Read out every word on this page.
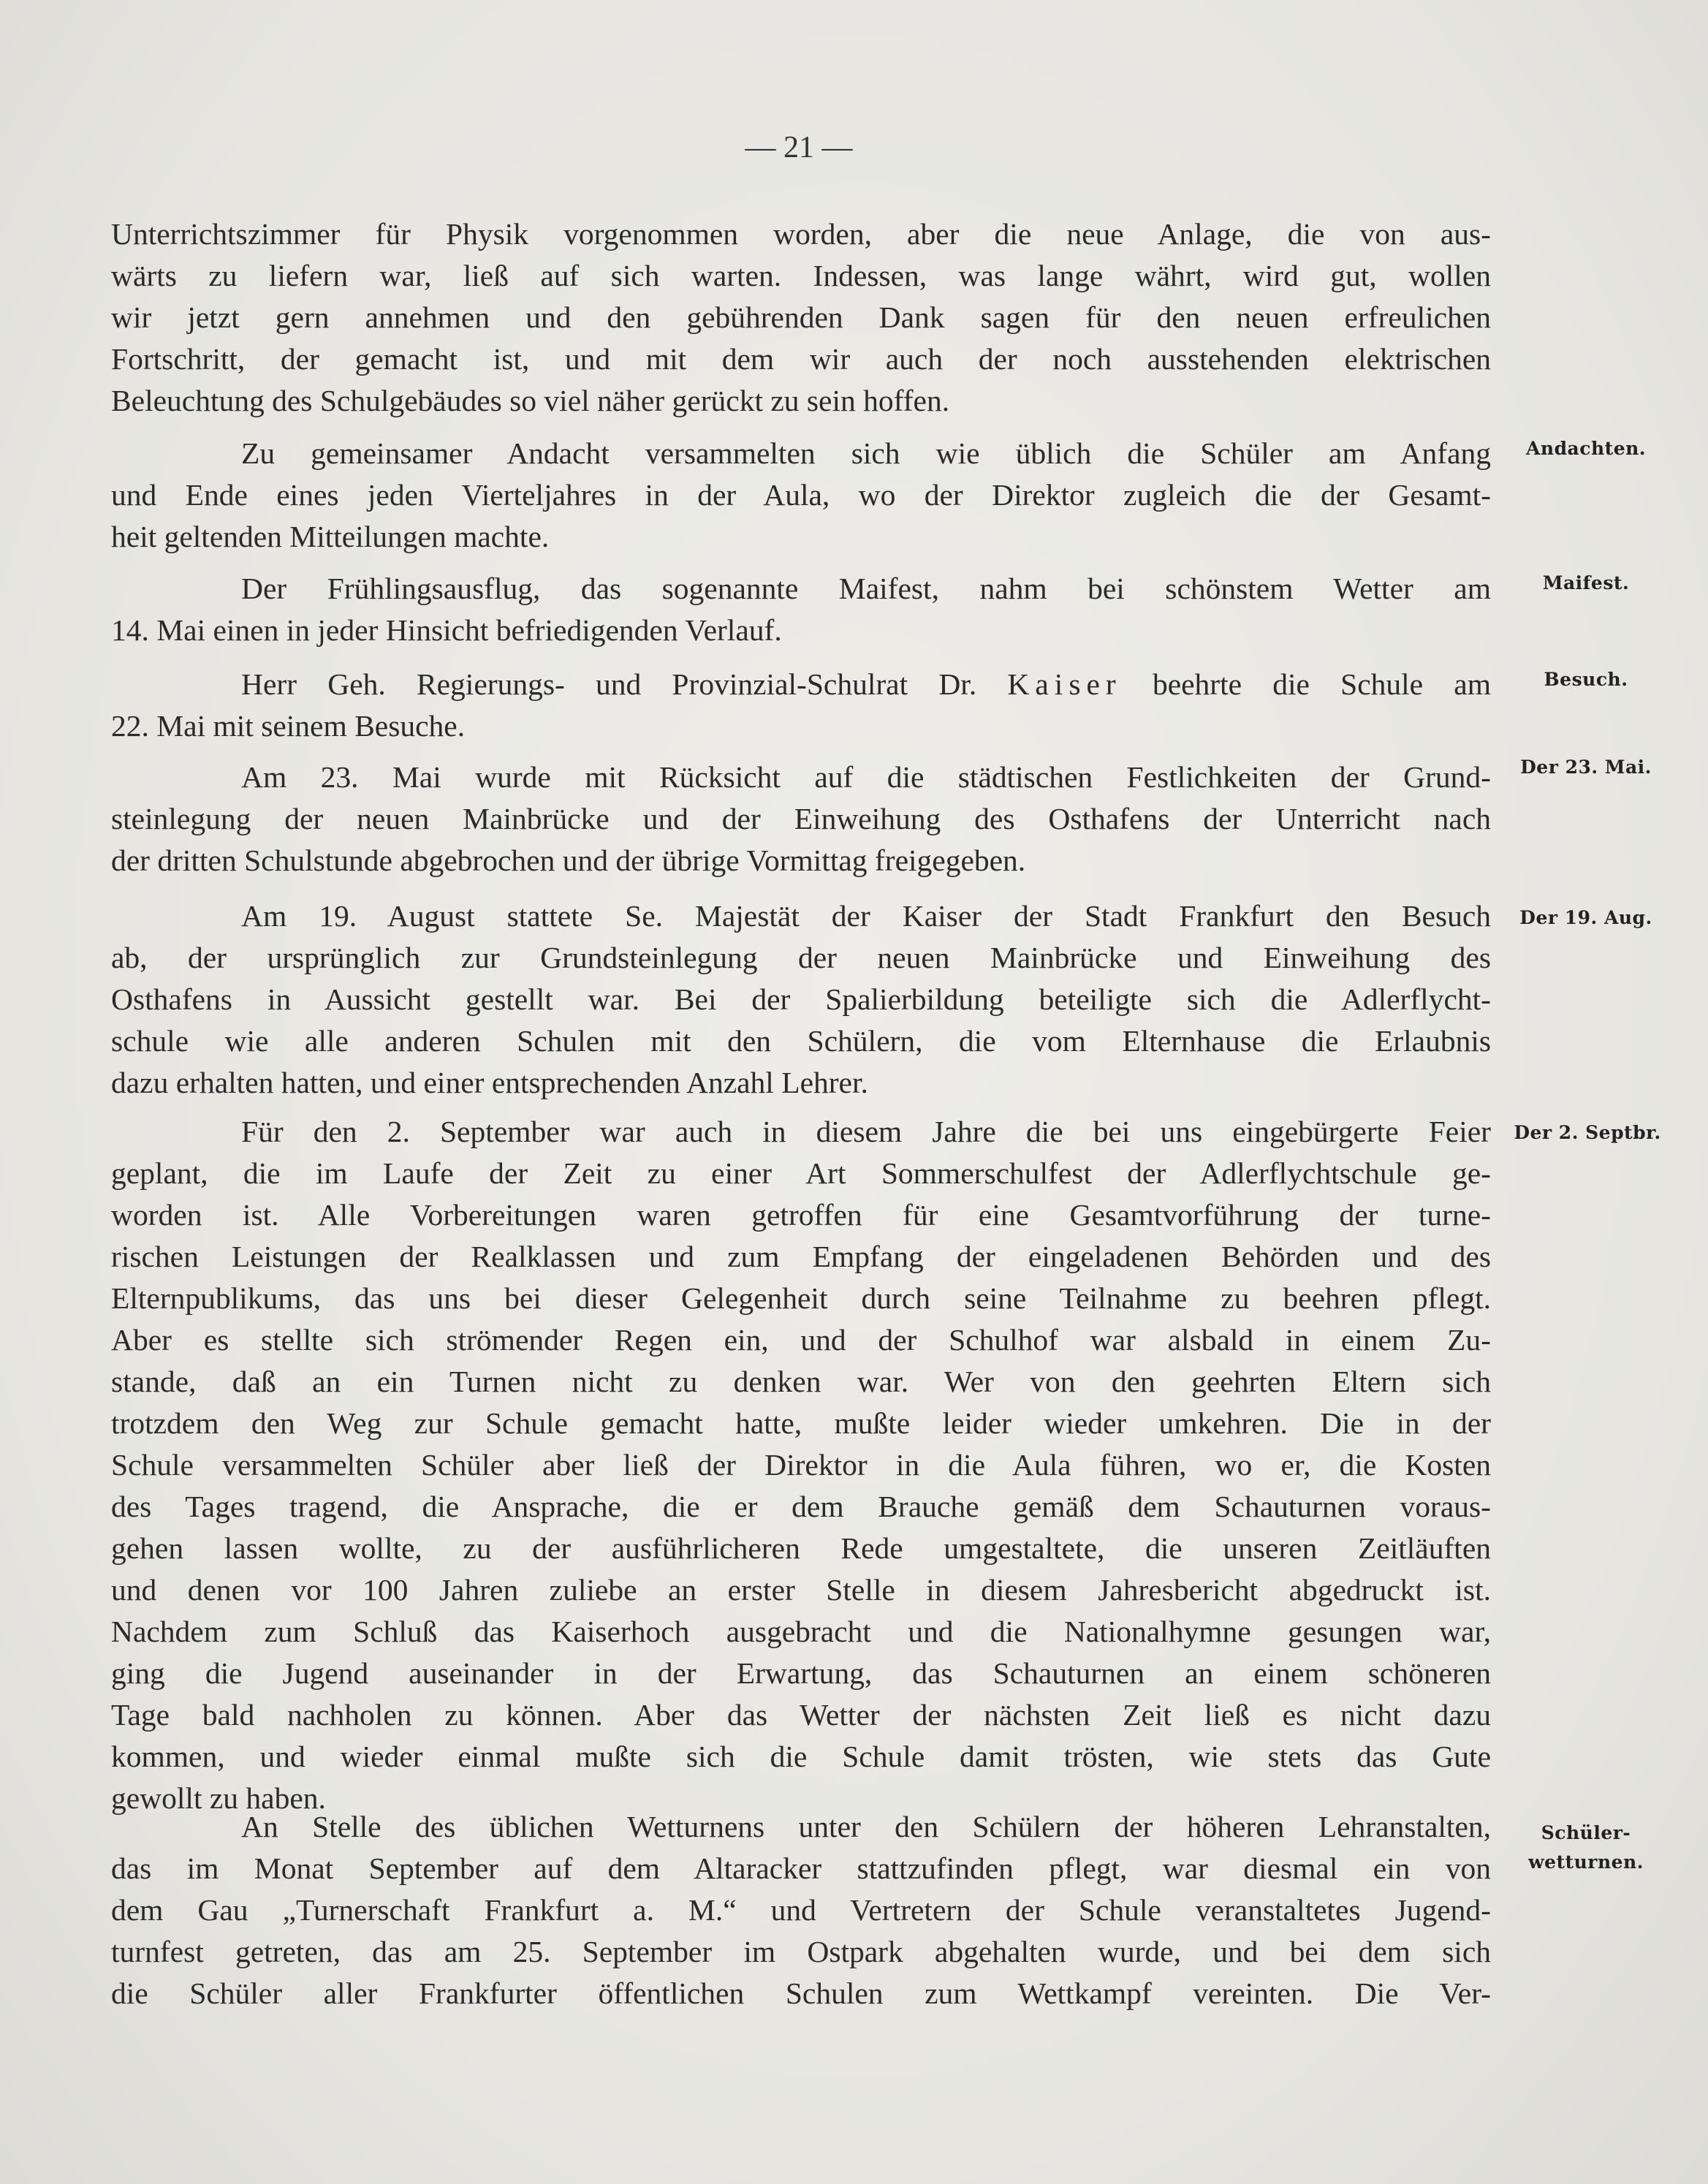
— 21 —
Unterrichtszimmer für Physik vorgenommen worden, aber die neue Anlage, die von aus-
wärts zu liefern war, ließ auf sich warten. Indessen, was lange währt, wird gut, wollen
wir jetzt gern annehmen und den gebührenden Dank sagen für den neuen erfreulichen
Fortschritt, der gemacht ist, und mit dem wir auch der noch ausstehenden elektrischen
Beleuchtung des Schulgebäudes so viel näher gerückt zu sein hoffen.
Zu gemeinsamer Andacht versammelten sich wie üblich die Schüler am Anfang
und Ende eines jeden Vierteljahres in der Aula, wo der Direktor zugleich die der Gesamt-
heit geltenden Mitteilungen machte.
Der Frühlingsausflug, das sogenannte Maifest, nahm bei schönstem Wetter am
14. Mai einen in jeder Hinsicht befriedigenden Verlauf.
Herr Geh. Regierungs- und Provinzial-Schulrat Dr. Kaiser beehrte die Schule am
22. Mai mit seinem Besuche.
Am 23. Mai wurde mit Rücksicht auf die städtischen Festlichkeiten der Grund-
steinlegung der neuen Mainbrücke und der Einweihung des Osthafens der Unterricht nach
der dritten Schulstunde abgebrochen und der übrige Vormittag freigegeben.
Am 19. August stattete Se. Majestät der Kaiser der Stadt Frankfurt den Besuch
ab, der ursprünglich zur Grundsteinlegung der neuen Mainbrücke und Einweihung des
Osthafens in Aussicht gestellt war. Bei der Spalierbildung beteiligte sich die Adlerflycht-
schule wie alle anderen Schulen mit den Schülern, die vom Elternhause die Erlaubnis
dazu erhalten hatten, und einer entsprechenden Anzahl Lehrer.
Für den 2. September war auch in diesem Jahre die bei uns eingebürgerte Feier
geplant, die im Laufe der Zeit zu einer Art Sommerschulfest der Adlerflychtschule ge-
worden ist. Alle Vorbereitungen waren getroffen für eine Gesamtvorführung der turne-
rischen Leistungen der Realklassen und zum Empfang der eingeladenen Behörden und des
Elternpublikums, das uns bei dieser Gelegenheit durch seine Teilnahme zu beehren pflegt.
Aber es stellte sich strömender Regen ein, und der Schulhof war alsbald in einem Zu-
stande, daß an ein Turnen nicht zu denken war. Wer von den geehrten Eltern sich
trotzdem den Weg zur Schule gemacht hatte, mußte leider wieder umkehren. Die in der
Schule versammelten Schüler aber ließ der Direktor in die Aula führen, wo er, die Kosten
des Tages tragend, die Ansprache, die er dem Brauche gemäß dem Schauturnen voraus-
gehen lassen wollte, zu der ausführlicheren Rede umgestaltete, die unseren Zeitläuften
und denen vor 100 Jahren zuliebe an erster Stelle in diesem Jahresbericht abgedruckt ist.
Nachdem zum Schluß das Kaiserhoch ausgebracht und die Nationalhymne gesungen war,
ging die Jugend auseinander in der Erwartung, das Schauturnen an einem schöneren
Tage bald nachholen zu können. Aber das Wetter der nächsten Zeit ließ es nicht dazu
kommen, und wieder einmal mußte sich die Schule damit trösten, wie stets das Gute
gewollt zu haben.
An Stelle des üblichen Wetturnens unter den Schülern der höheren Lehranstalten,
das im Monat September auf dem Altaracker stattzufinden pflegt, war diesmal ein von
dem Gau „Turnerschaft Frankfurt a. M.“ und Vertretern der Schule veranstaltetes Jugend-
turnfest getreten, das am 25. September im Ostpark abgehalten wurde, und bei dem sich
die Schüler aller Frankfurter öffentlichen Schulen zum Wettkampf vereinten. Die Ver-
Andachten.
Maifest.
Besuch.
Der 23. Mai.
Der 19. Aug.
Der 2. Septbr.
Schüler-
wetturnen.
